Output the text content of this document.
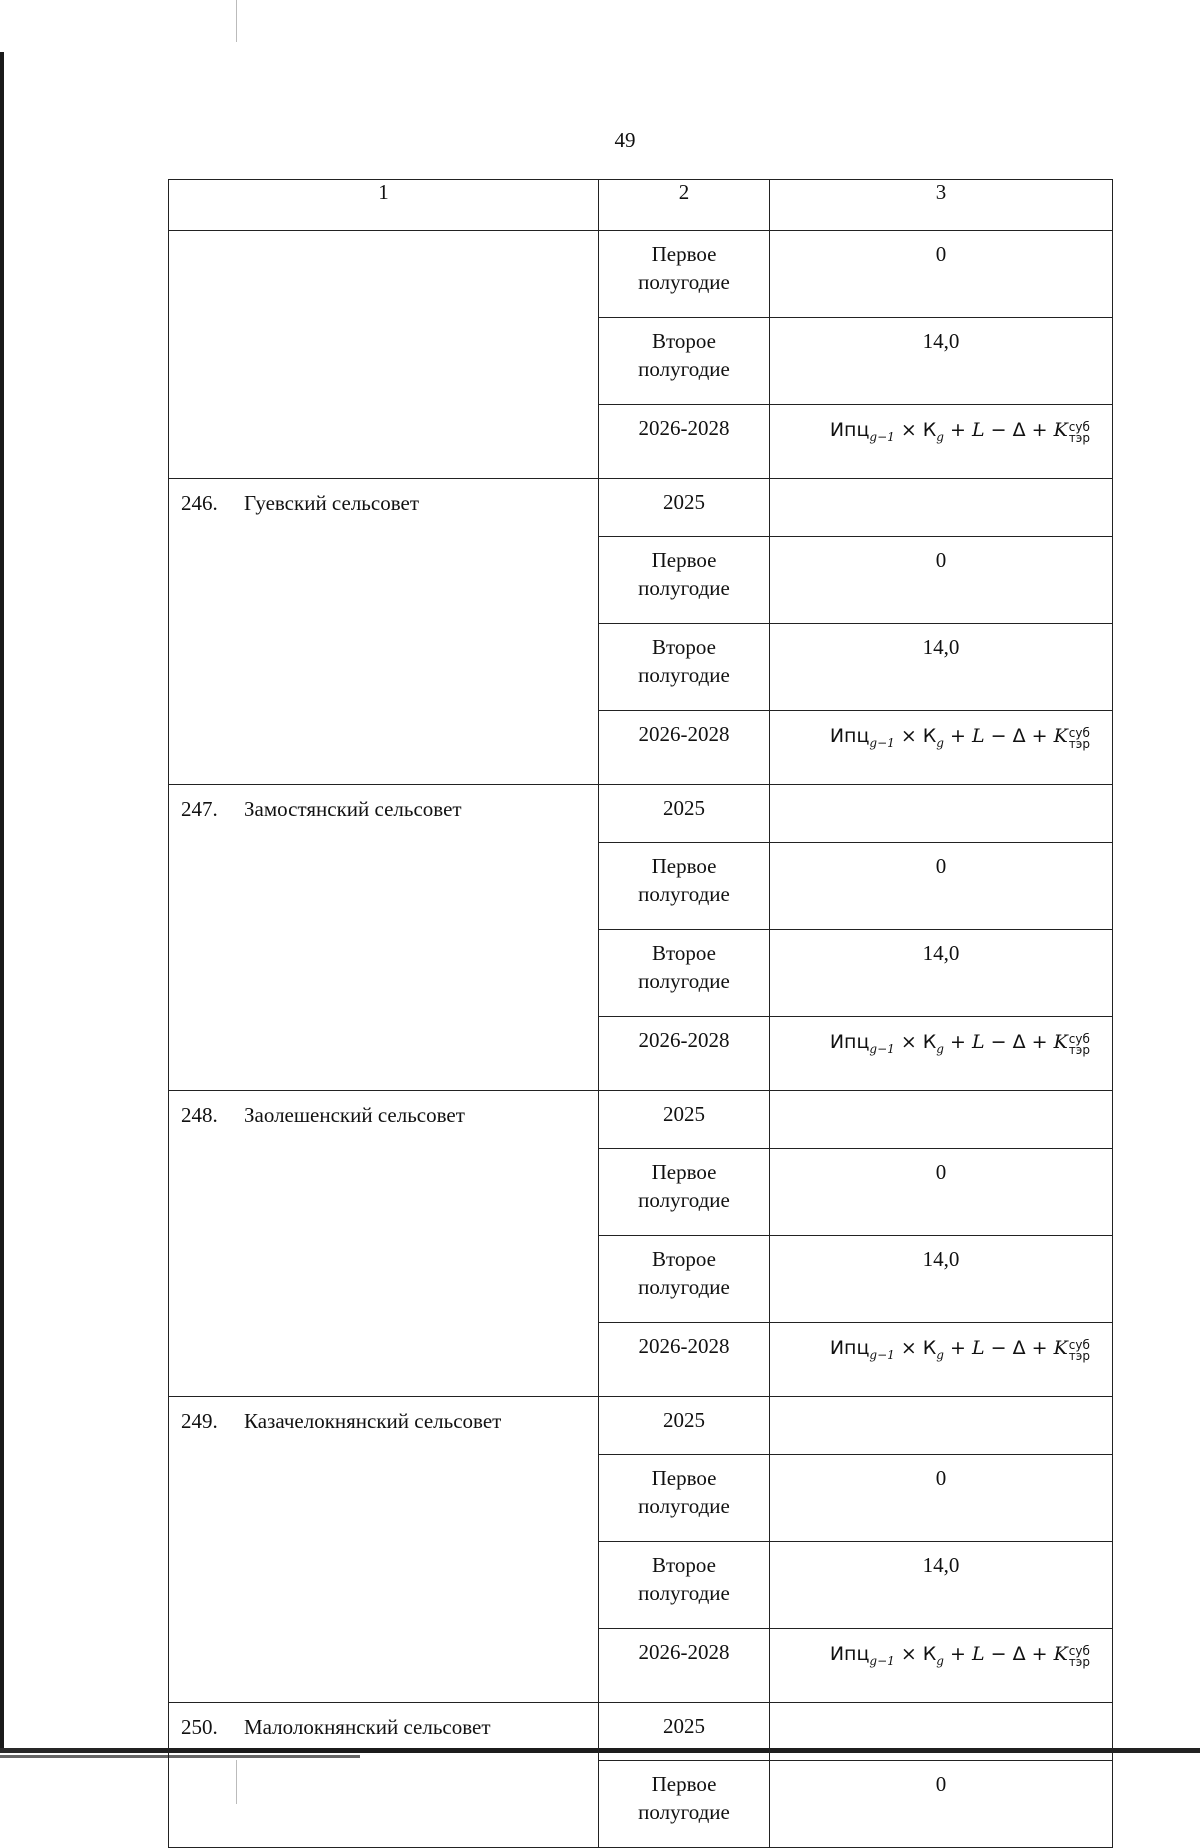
49
1	2	3
	Первое
полугодие	0
	Второе
полугодие	14,0
	2026-2028	$Ипц_{g-1} \times К_g + L - \Delta + K$ суб
тэр

246. Гуевский сельсовет	2025	
	Первое
полугодие	0
	Второе
полугодие	14,0
	2026-2028	$Ипц_{g-1} \times К_g + L - \Delta + K$ суб
тэр

247. Замостянский сельсовет	2025	
	Первое
полугодие	0
	Второе
полугодие	14,0
	2026-2028	$Ипц_{g-1} \times К_g + L - \Delta + K$ суб
тэр

248. Заолешенский сельсовет	2025	
	Первое
полугодие	0
	Второе
полугодие	14,0
	2026-2028	$Ипц_{g-1} \times К_g + L - \Delta + K$ суб
тэр

249. Казачелокнянский сельсовет	2025	
	Первое
полугодие	0
	Второе
полугодие	14,0
	2026-2028	$Ипц_{g-1} \times К_g + L - \Delta + K$ суб
тэр

250. Малолокнянский сельсовет	2025	
	Первое
полугодие	0
